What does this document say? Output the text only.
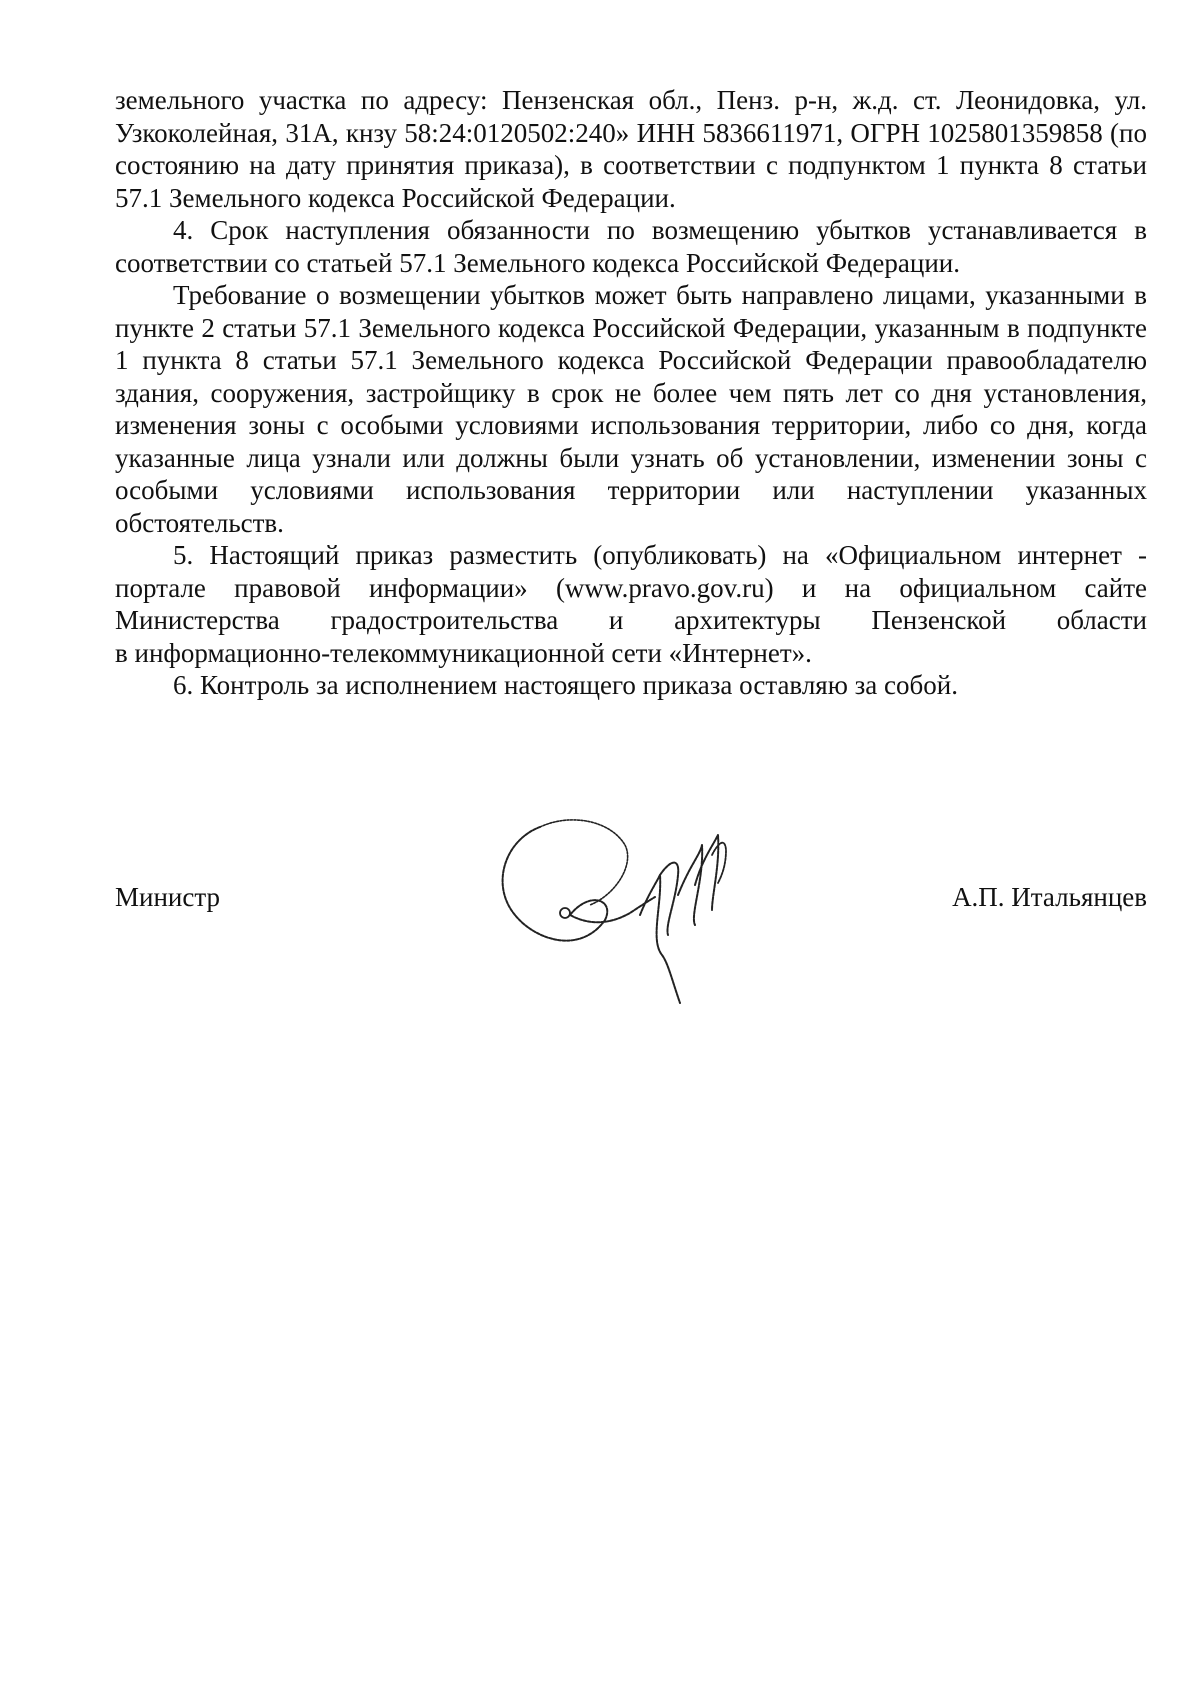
земельного участка по адресу: Пензенская обл., Пенз. р-н, ж.д. ст. Леонидовка, ул. Узкоколейная, 31А, кнзу 58:24:0120502:240» ИНН 5836611971, ОГРН 1025801359858 (по состоянию на дату принятия приказа), в соответствии с подпунктом 1 пункта 8 статьи 57.1 Земельного кодекса Российской Федерации.

4. Срок наступления обязанности по возмещению убытков устанавливается в соответствии со статьей 57.1 Земельного кодекса Российской Федерации.

Требование о возмещении убытков может быть направлено лицами, указанными в пункте 2 статьи 57.1 Земельного кодекса Российской Федерации, указанным в подпункте 1 пункта 8 статьи 57.1 Земельного кодекса Российской Федерации правообладателю здания, сооружения, застройщику в срок не более чем пять лет со дня установления, изменения зоны с особыми условиями использования территории, либо со дня, когда указанные лица узнали или должны были узнать об установлении, изменении зоны с особыми условиями использования территории или наступлении указанных обстоятельств.

5. Настоящий приказ разместить (опубликовать) на «Официальном интернет - портале правовой информации» (www.pravo.gov.ru) и на официальном сайте Министерства градостроительства и архитектуры Пензенской области

в информационно-телекоммуникационной сети «Интернет».

6. Контроль за исполнением настоящего приказа оставляю за собой.

Министр	А.П. Итальянцев
